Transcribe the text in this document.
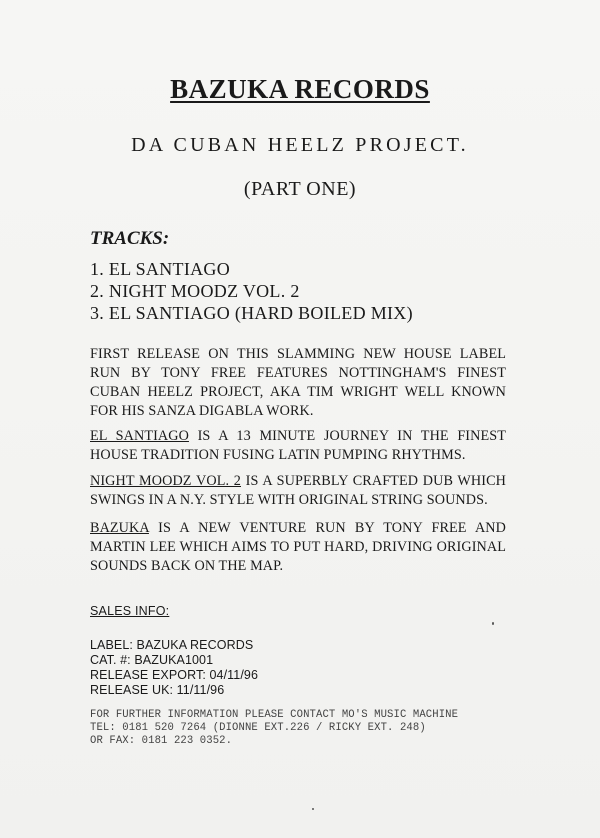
BAZUKA RECORDS
DA CUBAN HEELZ PROJECT.
(PART ONE)
TRACKS:
1. EL SANTIAGO
2. NIGHT MOODZ VOL. 2
3. EL SANTIAGO (HARD BOILED MIX)
FIRST RELEASE ON THIS SLAMMING NEW HOUSE LABEL RUN BY TONY FREE FEATURES NOTTINGHAM'S FINEST CUBAN HEELZ PROJECT, AKA TIM WRIGHT WELL KNOWN FOR HIS SANZA DIGABLA WORK.
EL SANTIAGO IS A 13 MINUTE JOURNEY IN THE FINEST HOUSE TRADITION FUSING LATIN PUMPING RHYTHMS.
NIGHT MOODZ VOL. 2 IS A SUPERBLY CRAFTED DUB WHICH SWINGS IN A N.Y. STYLE WITH ORIGINAL STRING SOUNDS.
BAZUKA IS A NEW VENTURE RUN BY TONY FREE AND MARTIN LEE WHICH AIMS TO PUT HARD, DRIVING ORIGINAL SOUNDS BACK ON THE MAP.
SALES INFO:
LABEL: BAZUKA RECORDS
CAT. #: BAZUKA1001
RELEASE EXPORT: 04/11/96
RELEASE UK: 11/11/96
FOR FURTHER INFORMATION PLEASE CONTACT MO'S MUSIC MACHINE
TEL: 0181 520 7264 (DIONNE EXT.226 / RICKY EXT. 248)
OR FAX: 0181 223 0352.
